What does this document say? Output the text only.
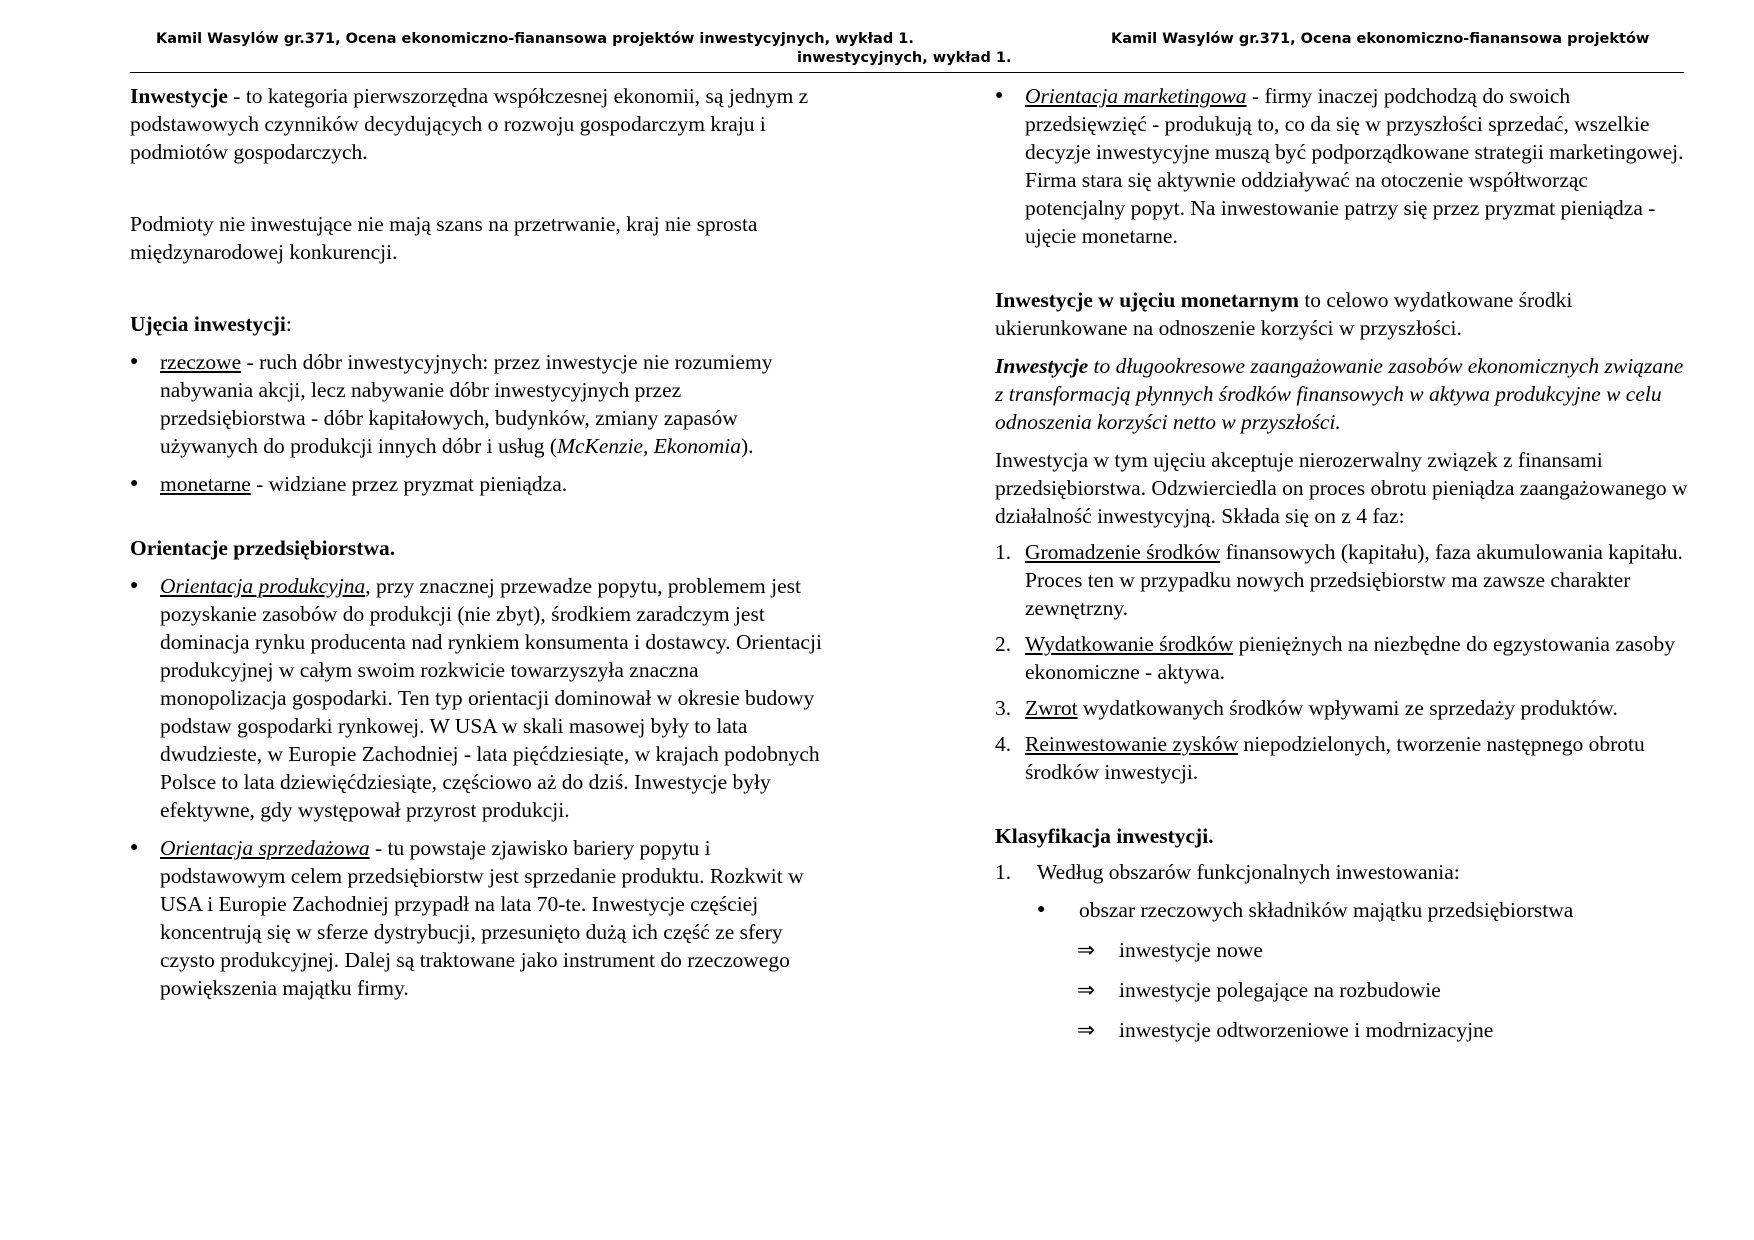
Kamil Wasylów gr.371, Ocena ekonomiczno-fianansowa projektów inwestycyjnych, wykład 1.
inwestycyjnych, wykład 1.
Kamil Wasylów gr.371, Ocena ekonomiczno-fianansowa projektów

Inwestycje - to kategoria pierwszorzędna współczesnej ekonomii, są jednym z podstawowych czynników decydujących o rozwoju gospodarczym kraju i podmiotów gospodarczych.

Podmioty nie inwestujące nie mają szans na przetrwanie, kraj nie sprosta międzynarodowej konkurencji.

Ujęcia inwestycji:

● rzeczowe - ruch dóbr inwestycyjnych: przez inwestycje nie rozumiemy nabywania akcji, lecz nabywanie dóbr inwestycyjnych przez przedsiębiorstwa - dóbr kapitałowych, budynków, zmiany zapasów używanych do produkcji innych dóbr i usług (McKenzie, Ekonomia).
● monetarne - widziane przez pryzmat pieniądza.

Orientacje przedsiębiorstwa.

● Orientacja produkcyjna, przy znacznej przewadze popytu, problemem jest pozyskanie zasobów do produkcji (nie zbyt), środkiem zaradczym jest dominacja rynku producenta nad rynkiem konsumenta i dostawcy. Orientacji produkcyjnej w całym swoim rozkwicie towarzyszyła znaczna monopolizacja gospodarki. Ten typ orientacji dominował w okresie budowy podstaw gospodarki rynkowej. W USA w skali masowej były to lata dwudzieste, w Europie Zachodniej - lata pięćdziesiąte, w krajach podobnych Polsce to lata dziewięćdziesiąte, częściowo aż do dziś. Inwestycje były efektywne, gdy występował przyrost produkcji.
● Orientacja sprzedażowa - tu powstaje zjawisko bariery popytu i podstawowym celem przedsiębiorstw jest sprzedanie produktu. Rozkwit w USA i Europie Zachodniej przypadł na lata 70-te. Inwestycje częściej koncentrują się w sferze dystrybucji, przesunięto dużą ich część ze sfery czysto produkcyjnej. Dalej są traktowane jako instrument do rzeczowego powiększenia majątku firmy.
● Orientacja marketingowa - firmy inaczej podchodzą do swoich przedsięwzięć - produkują to, co da się w przyszłości sprzedać, wszelkie decyzje inwestycyjne muszą być podporządkowane strategii marketingowej. Firma stara się aktywnie oddziaływać na otoczenie współtworząc potencjalny popyt. Na inwestowanie patrzy się przez pryzmat pieniądza - ujęcie monetarne.

Inwestycje w ujęciu monetarnym to celowo wydatkowane środki ukierunkowane na odnoszenie korzyści w przyszłości.

Inwestycje to długookresowe zaangażowanie zasobów ekonomicznych związane z transformacją płynnych środków finansowych w aktywa produkcyjne w celu odnoszenia korzyści netto w przyszłości.

Inwestycja w tym ujęciu akceptuje nierozerwalny związek z finansami przedsiębiorstwa. Odzwierciedla on proces obrotu pieniądza zaangażowanego w działalność inwestycyjną. Składa się on z 4 faz:

1. Gromadzenie środków finansowych (kapitału), faza akumulowania kapitału. Proces ten w przypadku nowych przedsiębiorstw ma zawsze charakter zewnętrzny.
2. Wydatkowanie środków pieniężnych na niezbędne do egzystowania zasoby ekonomiczne - aktywa.
3. Zwrot wydatkowanych środków wpływami ze sprzedaży produktów.
4. Reinwestowanie zysków niepodzielonych, tworzenie następnego obrotu środków inwestycji.

Klasyfikacja inwestycji.

1. Według obszarów funkcjonalnych inwestowania:
● obszar rzeczowych składników majątku przedsiębiorstwa
⇒ inwestycje nowe
⇒ inwestycje polegające na rozbudowie
⇒ inwestycje odtworzeniowe i modrnizacyjne
